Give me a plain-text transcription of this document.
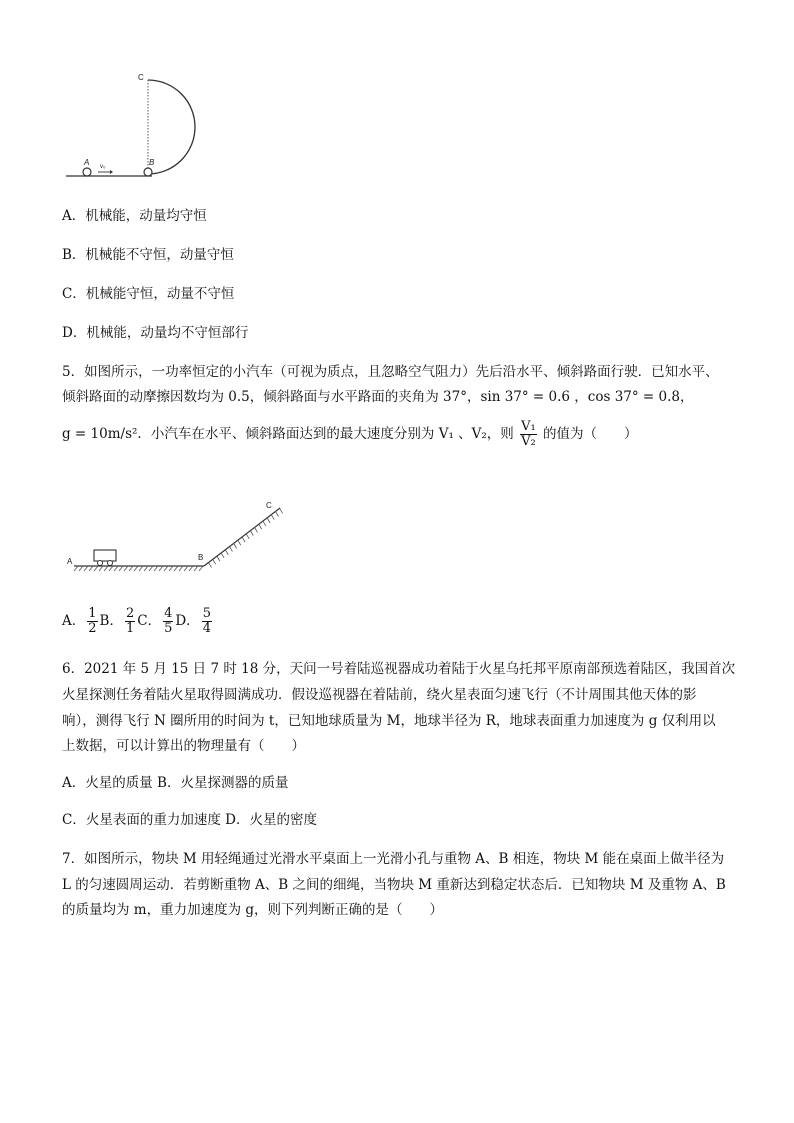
C
A	B
v₀
A．机械能，动量均守恒
B．机械能不守恒，动量守恒
C．机械能守恒，动量不守恒
D．机械能，动量均不守恒部行
5．如图所示，一功率恒定的小汽车（可视为质点，且忽略空气阻力）先后沿水平、倾斜路面行驶．已知水平、
倾斜路面的动摩擦因数均为 0.5，倾斜路面与水平路面的夹角为 37°，sin 37° = 0.6 ，cos 37° = 0.8，
g = 10m/s²．小汽车在水平、倾斜路面达到的最大速度分别为 V₁ 、V₂，则 $\frac{\text{V₁}}{\text{V₂}}$ 的值为（　　）
A	B
C
A． $\frac{1}{2}$ B． $\frac{2}{1}$ C． $\frac{4}{5}$ D． $\frac{5}{4}$
6．2021 年 5 月 15 日 7 时 18 分，天问一号着陆巡视器成功着陆于火星乌托邦平原南部预选着陆区，我国首次
火星探测任务着陆火星取得圆满成功．假设巡视器在着陆前，绕火星表面匀速飞行（不计周围其他天体的影
响），测得飞行 N 圈所用的时间为 t，已知地球质量为 M，地球半径为 R，地球表面重力加速度为 g 仅利用以
上数据，可以计算出的物理量有（　　）
A．火星的质量 B．火星探测器的质量
C．火星表面的重力加速度 D．火星的密度
7．如图所示，物块 M 用轻绳通过光滑水平桌面上一光滑小孔与重物 A、B 相连，物块 M 能在桌面上做半径为
L 的匀速圆周运动．若剪断重物 A、B 之间的细绳，当物块 M 重新达到稳定状态后．已知物块 M 及重物 A、B
的质量均为 m，重力加速度为 g，则下列判断正确的是（　　）
